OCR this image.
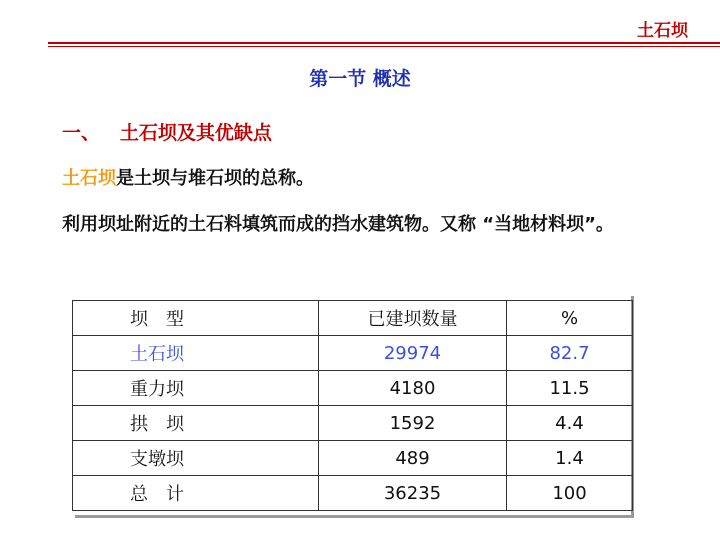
土石坝
第一节 概述
一、 土石坝及其优缺点
土石坝是土坝与堆石坝的总称。
利用坝址附近的土石料填筑而成的挡水建筑物。又称 “当地材料坝”。
坝　型	已建坝数量	%
土石坝	29974	82.7
重力坝	4180	11.5
拱　坝	1592	4.4
支墩坝	489	1.4
总　计	36235	100
